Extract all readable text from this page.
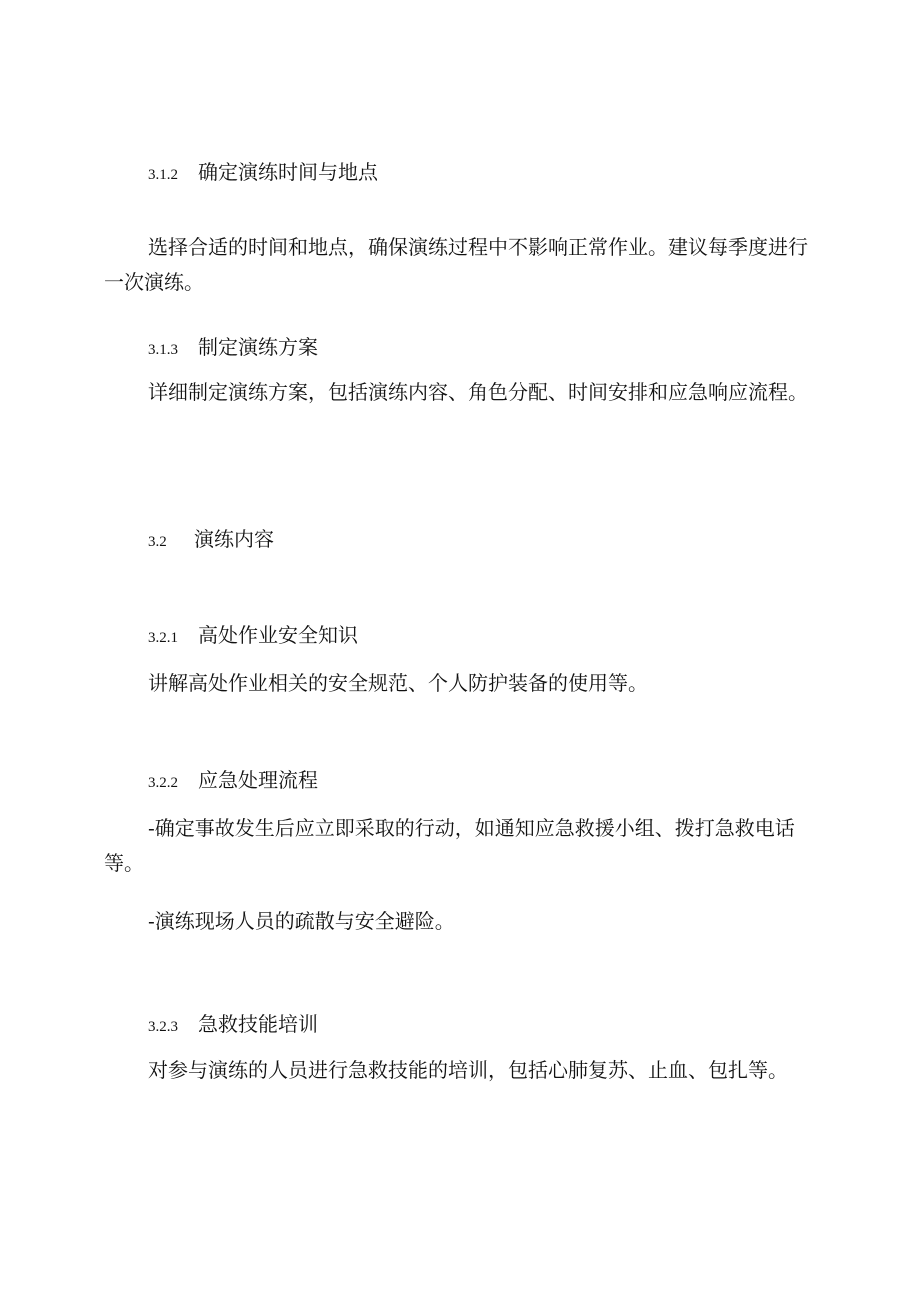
3.1.2 确定演练时间与地点

选择合适的时间和地点，确保演练过程中不影响正常作业。建议每季度进行一次演练。

3.1.3 制定演练方案

详细制定演练方案，包括演练内容、角色分配、时间安排和应急响应流程。

3.2 演练内容
3.2.1 高处作业安全知识

讲解高处作业相关的安全规范、个人防护装备的使用等。

3.2.2 应急处理流程

-确定事故发生后应立即采取的行动，如通知应急救援小组、拨打急救电话等。

-演练现场人员的疏散与安全避险。

3.2.3 急救技能培训

对参与演练的人员进行急救技能的培训，包括心肺复苏、止血、包扎等。
